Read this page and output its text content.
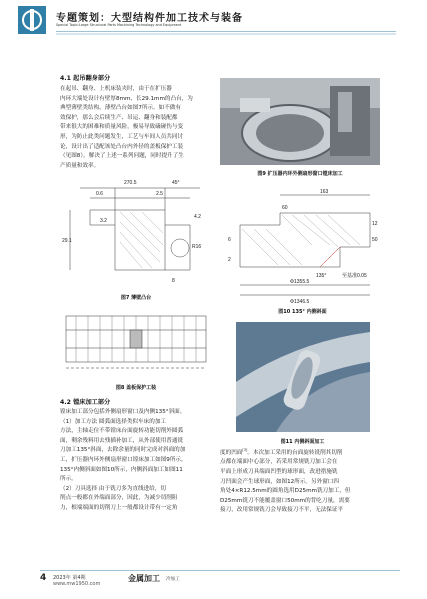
专题策划：大型结构件加工技术与装备
Special Topic:Large Structural Parts Machining Technology and Equipment
4.1 起吊翻身部分
在起吊、翻身、上机床装夹时，由于在扩压器
内环大端处设计有壁厚8mm、长29.1mm的凸台，为
典型薄壁类结构，薄壁凸台如图7所示。如不做有
效保护，那么会后续生产、吊运、翻身和装配都
带来很大的困难和质量风险，极易导致磕碰伤与变
形，为防止此类问题发生，工艺与车间人员共同讨
论，设计出了适配该处凸台内外径的盖板保护工装
（见图8），解决了上述一系列问题，同时提升了生
产质量和效率。
270.5	45°
0.6	2.5
29.1
8
R16
3.2
4.2
图7 薄壁凸台
图8 盖板保护工装
4.2 镗床加工部分
镗床加工部分包括外侧扇形窗口及内侧135°斜面。
（1）加工方法 圆弧面选择类似车床的加工
方法，主轴走位不带镗床台面旋转功能切削外圆弧
面，剩余残料用去残插补加工，从外部使用普通铣
刀加工135°斜面，去除余量的同时完成对斜面的加
工，扩压器内环外侧扇形窗口镗床加工如图9所示，
135°内侧斜面如图10所示，内侧斜面加工如图11
所示。
（2）刀具选择 由于铣刀多为直线进给，切
削点一般都在外端面部分，因此，为减少切削阻
力，根端端面的切削刀上一般都设计带有一定角
图9 扩压器内环外侧扇形窗口镗床加工
163
60
12
50
6
2
135°	至基准0.05
Φ1355.5
Φ1346.5
图10 135° 内侧斜面
图11 内侧斜面加工
度的凹面[3]。本次加工采用的台面旋转铣削其切削
点都在端面中心部分，若采用常规铣刀加工会在
平面上形成刀具端面凹型的球形面，改进措施铣
刀凹面会产生球形面，如图12所示。另外窗口四
角处4×R12.5mm的圆角选用D25mm铣刀加工，但
D25mm铣刀不能覆盖窗口50mm的背吃刀量，需要
接刀，改用常规铣刀会导致接刀不平，无法保证平
4 2023年 第4期
www.mw1950.com
金属加工 冷加工
